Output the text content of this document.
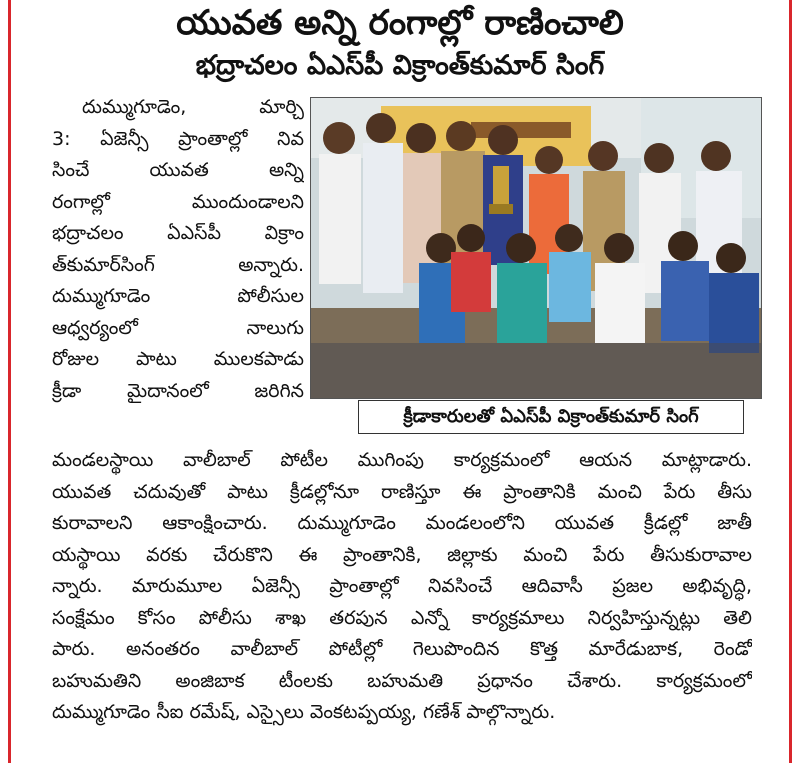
యువత అన్ని రంగాల్లో రాణించాలి
భద్రాచలం ఏఎస్‌పీ విక్రాంత్‌కుమార్ సింగ్
దుమ్ముగూడెం, మార్చి
3: ఏజెన్సీ ప్రాంతాల్లో నివ
సించే యువత అన్ని
రంగాల్లో ముందుండాలని
భద్రాచలం ఏఎస్‌పీ విక్రాం
త్‌కుమార్‌సింగ్ అన్నారు.
దుమ్ముగూడెం పోలీసుల
ఆధ్వర్యంలో నాలుగు
రోజుల పాటు ములకపాడు
క్రీడా మైదానంలో జరిగిన
క్రీడాకారులతో ఏఎస్‌పీ విక్రాంత్‌కుమార్ సింగ్
మండలస్థాయి వాలీబాల్ పోటీల ముగింపు కార్యక్రమంలో ఆయన మాట్లాడారు.
యువత చదువుతో పాటు క్రీడల్లోనూ రాణిస్తూ ఈ ప్రాంతానికి మంచి పేరు తీసు
కురావాలని ఆకాంక్షించారు. దుమ్ముగూడెం మండలంలోని యువత క్రీడల్లో జాతీ
యస్థాయి వరకు చేరుకొని ఈ ప్రాంతానికి, జిల్లాకు మంచి పేరు తీసుకురావాల
న్నారు. మారుమూల ఏజెన్సీ ప్రాంతాల్లో నివసించే ఆదివాసీ ప్రజల అభివృద్ధి,
సంక్షేమం కోసం పోలీసు శాఖ తరపున ఎన్నో కార్యక్రమాలు నిర్వహిస్తున్నట్లు తెలి
పారు. అనంతరం వాలీబాల్ పోటీల్లో గెలుపొందిన కొత్త మారేడుబాక, రెండో
బహుమతిని అంజిబాక టీంలకు బహుమతి ప్రధానం చేశారు. కార్యక్రమంలో
దుమ్ముగూడెం సీఐ రమేష్, ఎస్సైలు వెంకటప్పయ్య, గణేశ్ పాల్గొన్నారు.
